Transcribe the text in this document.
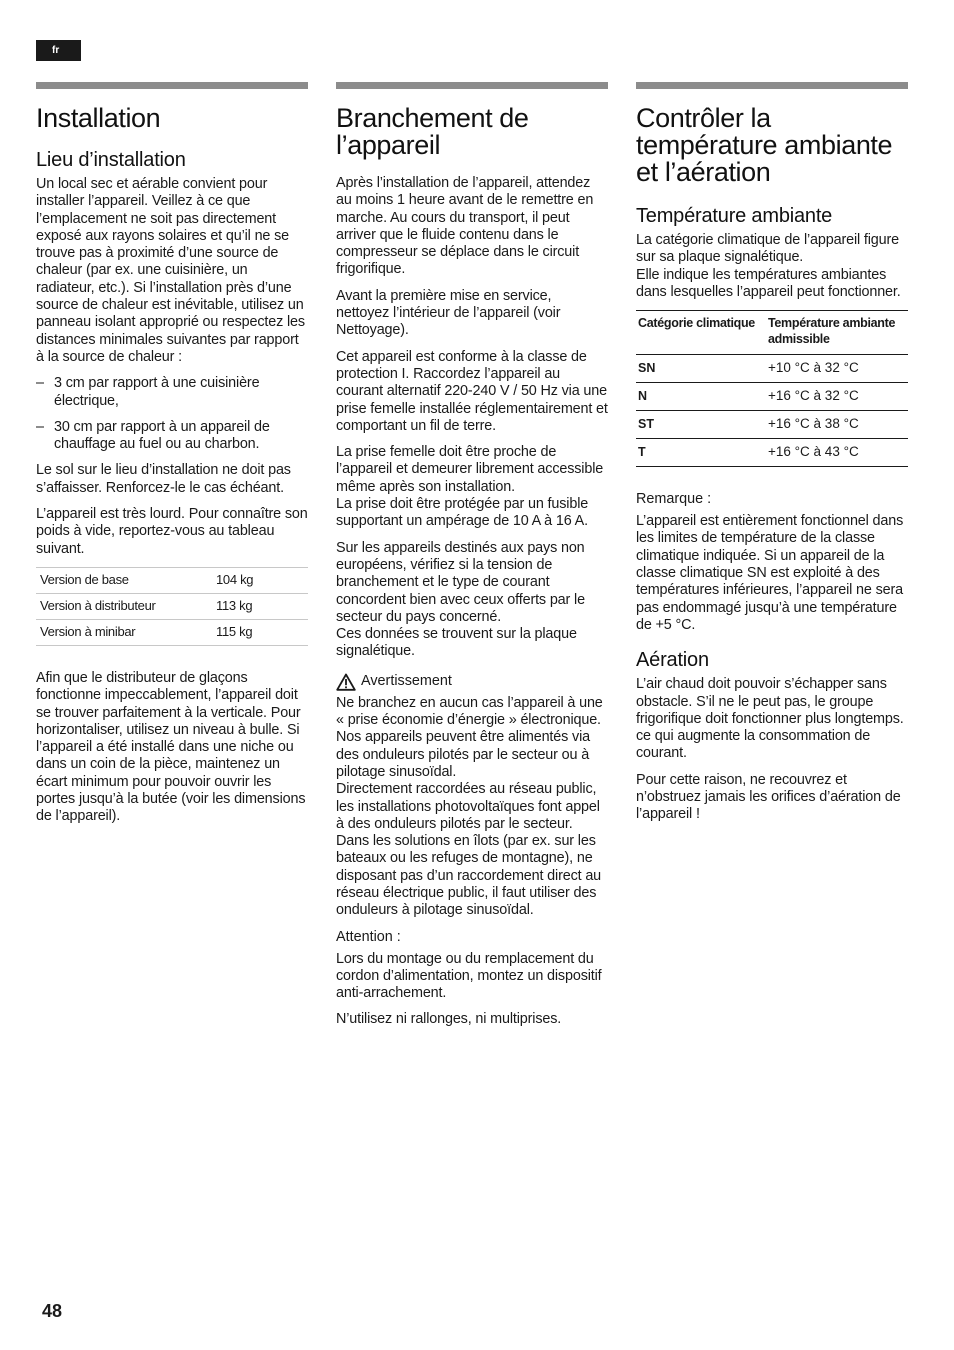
fr
Installation
Lieu d’installation

Un local sec et aérable convient pour installer l’appareil. Veillez à ce que l’emplacement ne soit pas directement exposé aux rayons solaires et qu’il ne se trouve pas à proximité d’une source de chaleur (par ex. une cuisinière, un radiateur, etc.). Si l’installation près d’une source de chaleur est inévitable, utilisez un panneau isolant approprié ou respectez les distances minimales suivantes par rapport à la source de chaleur :

– 3 cm par rapport à une cuisinière électrique,
– 30 cm par rapport à un appareil de chauffage au fuel ou au charbon.

Le sol sur le lieu d’installation ne doit pas s’affaisser. Renforcez-le le cas échéant.

L’appareil est très lourd. Pour connaître son poids à vide, reportez-vous au tableau suivant.

Version de base	104 kg
Version à distributeur	113 kg
Version à minibar	115 kg

Afin que le distributeur de glaçons fonctionne impeccablement, l’appareil doit se trouver parfaitement à la verticale. Pour horizontaliser, utilisez un niveau à bulle. Si l’appareil a été installé dans une niche ou dans un coin de la pièce, maintenez un écart minimum pour pouvoir ouvrir les portes jusqu’à la butée (voir les dimensions de l’appareil).

Branchement de l’appareil

Après l’installation de l’appareil, attendez au moins 1 heure avant de le remettre en marche. Au cours du transport, il peut arriver que le fluide contenu dans le compresseur se déplace dans le circuit frigorifique.

Avant la première mise en service, nettoyez l’intérieur de l’appareil (voir Nettoyage).

Cet appareil est conforme à la classe de protection I. Raccordez l’appareil au courant alternatif 220-240 V / 50 Hz via une prise femelle installée réglementairement et comportant un fil de terre.

La prise femelle doit être proche de l’appareil et demeurer librement accessible même après son installation.

La prise doit être protégée par un fusible supportant un ampérage de 10 A à 16 A.

Sur les appareils destinés aux pays non européens, vérifiez si la tension de branchement et le type de courant concordent bien avec ceux offerts par le secteur du pays concerné.

Ces données se trouvent sur la plaque signalétique.

Avertissement

Ne branchez en aucun cas l’appareil à une « prise économie d’énergie » électronique.

Nos appareils peuvent être alimentés via des onduleurs pilotés par le secteur ou à pilotage sinusoïdal.

Directement raccordées au réseau public, les installations photovoltaïques font appel à des onduleurs pilotés par le secteur. Dans les solutions en îlots (par ex. sur les bateaux ou les refuges de montagne), ne disposant pas d’un raccordement direct au réseau électrique public, il faut utiliser des onduleurs à pilotage sinusoïdal.

Attention :

Lors du montage ou du remplacement du cordon d’alimentation, montez un dispositif anti-arrachement.

N’utilisez ni rallonges, ni multiprises.

Contrôler la température ambiante et l’aération
Température ambiante

La catégorie climatique de l’appareil figure sur sa plaque signalétique.

Elle indique les températures ambiantes dans lesquelles l’appareil peut fonctionner.

Catégorie climatique	Température ambiante admissible
SN	+10 °C à 32 °C
N	+16 °C à 32 °C
ST	+16 °C à 38 °C
T	+16 °C à 43 °C
Remarque :

L’appareil est entièrement fonctionnel dans les limites de température de la classe climatique indiquée. Si un appareil de la classe climatique SN est exploité à des températures inférieures, l’appareil ne sera pas endommagé jusqu’à une température de +5 °C.

Aération

L’air chaud doit pouvoir s’échapper sans obstacle. S’il ne le peut pas, le groupe frigorifique doit fonctionner plus longtemps. ce qui augmente la consommation de courant.

Pour cette raison, ne recouvrez et n’obstruez jamais les orifices d’aération de l’appareil !

48
